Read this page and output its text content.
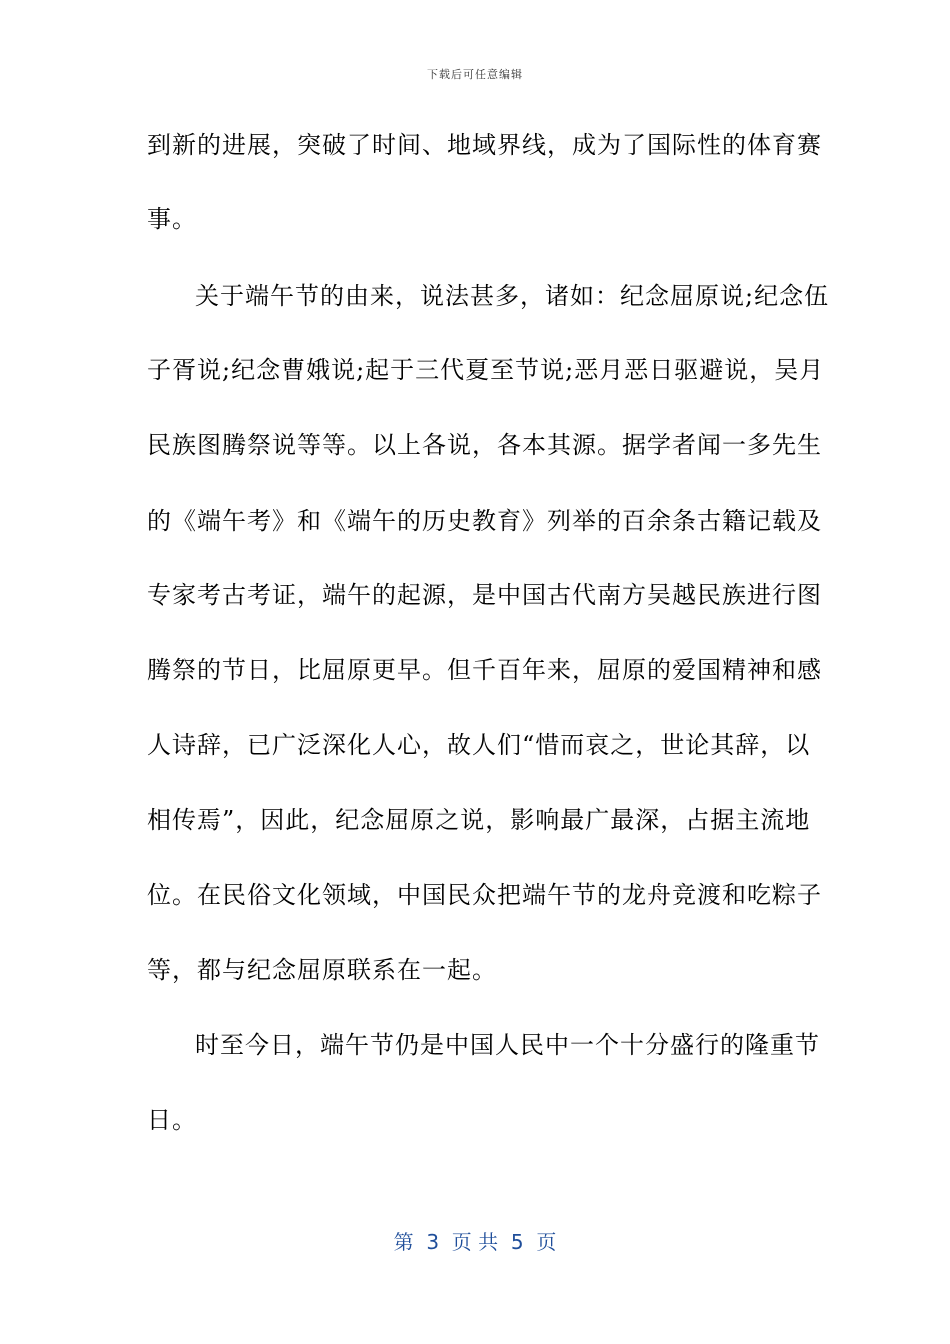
下载后可任意编辑
到新的进展，突破了时间、地域界线，成为了国际性的体育赛
事。
关于端午节的由来，说法甚多，诸如：纪念屈原说;纪念伍
子胥说;纪念曹娥说;起于三代夏至节说;恶月恶日驱避说，吴月
民族图腾祭说等等。以上各说，各本其源。据学者闻一多先生
的《端午考》和《端午的历史教育》列举的百余条古籍记载及
专家考古考证，端午的起源，是中国古代南方吴越民族进行图
腾祭的节日，比屈原更早。但千百年来，屈原的爱国精神和感
人诗辞，已广泛深化人心，故人们“惜而哀之，世论其辞，以
相传焉”，因此，纪念屈原之说，影响最广最深，占据主流地
位。在民俗文化领域，中国民众把端午节的龙舟竞渡和吃粽子
等，都与纪念屈原联系在一起。
时至今日，端午节仍是中国人民中一个十分盛行的隆重节
日。
第  3  页 共  5  页
